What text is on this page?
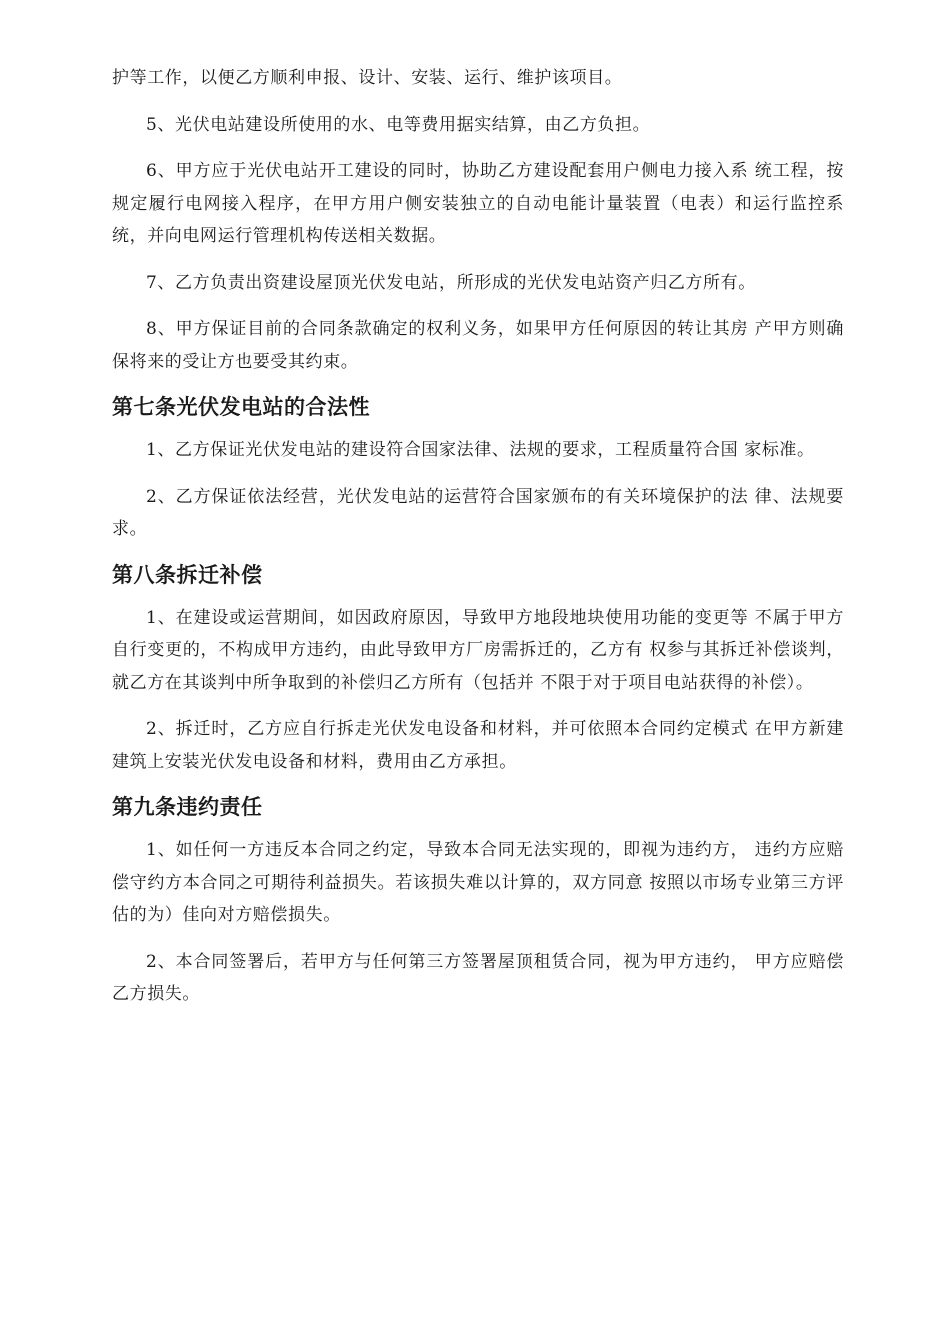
护等工作，以便乙方顺利申报、设计、安装、运行、维护该项目。

5、光伏电站建设所使用的水、电等费用据实结算，由乙方负担。

6、甲方应于光伏电站开工建设的同时，协助乙方建设配套用户侧电力接入系 统工程，按规定履行电网接入程序，在甲方用户侧安装独立的自动电能计量装置（电表）和运行监控系统，并向电网运行管理机构传送相关数据。

7、乙方负责出资建设屋顶光伏发电站，所形成的光伏发电站资产归乙方所有。

8、甲方保证目前的合同条款确定的权利义务，如果甲方任何原因的转让其房 产甲方则确保将来的受让方也要受其约束。

第七条光伏发电站的合法性

1、乙方保证光伏发电站的建设符合国家法律、法规的要求，工程质量符合国 家标准。

2、乙方保证依法经营，光伏发电站的运营符合国家颁布的有关环境保护的法 律、法规要求。

第八条拆迁补偿

1、在建设或运营期间，如因政府原因，导致甲方地段地块使用功能的变更等 不属于甲方自行变更的，不构成甲方违约，由此导致甲方厂房需拆迁的，乙方有 权参与其拆迁补偿谈判，就乙方在其谈判中所争取到的补偿归乙方所有（包括并 不限于对于项目电站获得的补偿）。

2、拆迁时，乙方应自行拆走光伏发电设备和材料，并可依照本合同约定模式 在甲方新建建筑上安装光伏发电设备和材料，费用由乙方承担。

第九条违约责任

1、如任何一方违反本合同之约定，导致本合同无法实现的，即视为违约方， 违约方应赔偿守约方本合同之可期待利益损失。若该损失难以计算的，双方同意 按照以市场专业第三方评估的为）佳向对方赔偿损失。

2、本合同签署后，若甲方与任何第三方签署屋顶租赁合同，视为甲方违约， 甲方应赔偿乙方损失。
